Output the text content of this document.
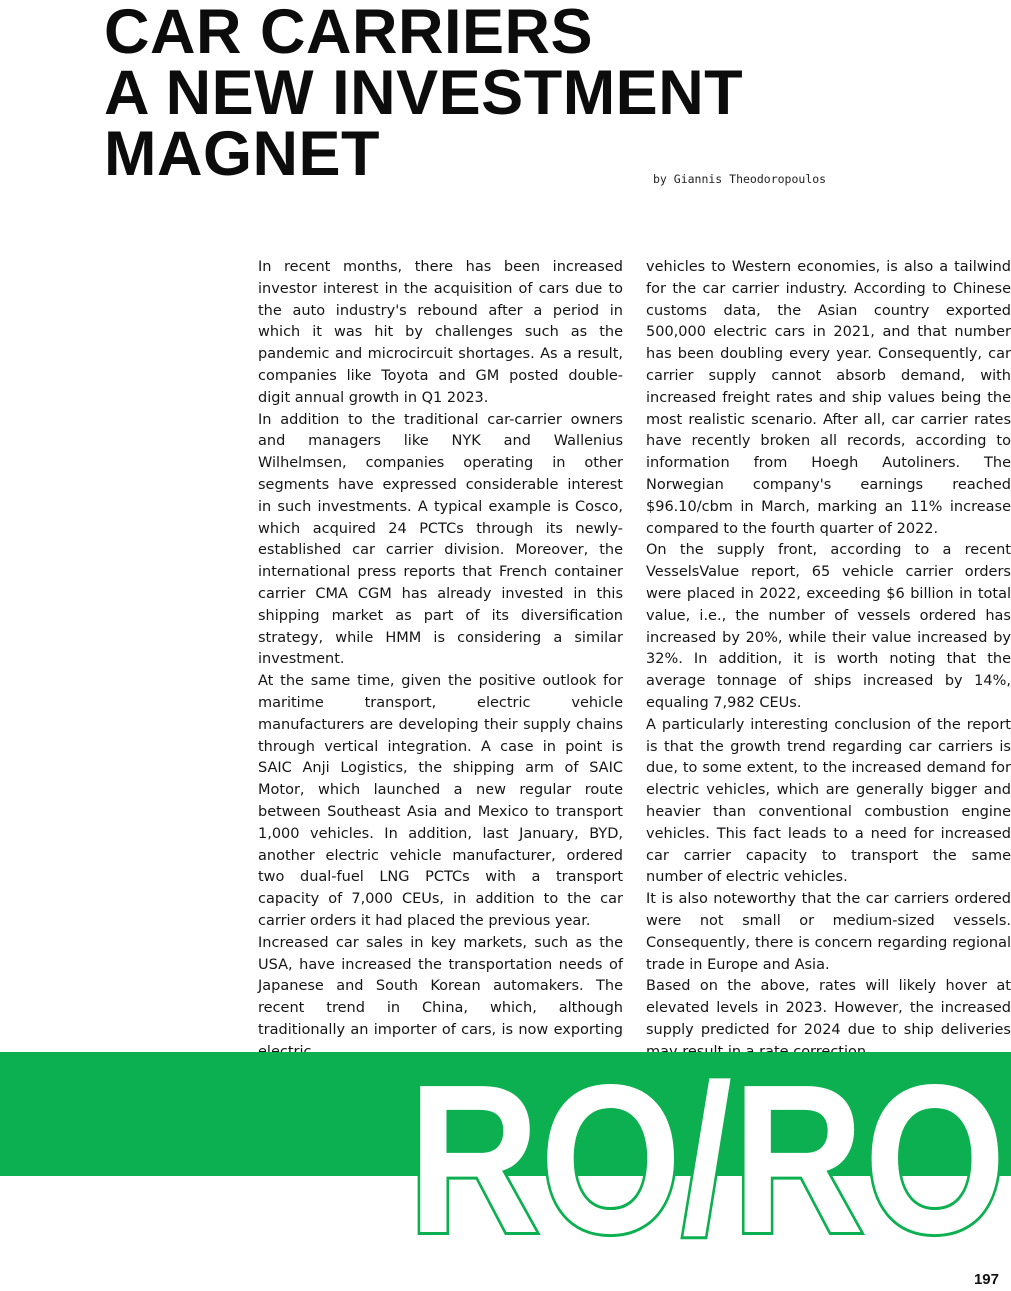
CAR CARRIERS
A NEW INVESTMENT
MAGNET	by Giannis Theodoropoulos

In recent months, there has been increased investor interest in the acquisition of cars due to the auto industry's rebound after a period in which it was hit by challenges such as the pandemic and microcircuit shortages. As a result, companies like Toyota and GM posted double-digit annual growth in Q1 2023.

In addition to the traditional car-carrier owners and managers like NYK and Wallenius Wilhelmsen, companies operating in other segments have expressed considerable interest in such investments. A typical example is Cosco, which acquired 24 PCTCs through its newly-established car carrier division. Moreover, the international press reports that French container carrier CMA CGM has already invested in this shipping market as part of its diversification strategy, while HMM is considering a similar investment.

At the same time, given the positive outlook for maritime transport, electric vehicle manufacturers are developing their supply chains through vertical integration. A case in point is SAIC Anji Logistics, the shipping arm of SAIC Motor, which launched a new regular route between Southeast Asia and Mexico to transport 1,000 vehicles. In addition, last January, BYD, another electric vehicle manufacturer, ordered two dual-fuel LNG PCTCs with a transport capacity of 7,000 CEUs, in addition to the car carrier orders it had placed the previous year.

Increased car sales in key markets, such as the USA, have increased the transportation needs of Japanese and South Korean automakers. The recent trend in China, which, although traditionally an importer of cars, is now exporting

vehicles to Western economies, is also a tailwind for the car carrier industry. According to Chinese customs data, the Asian country exported 500,000 electric cars in 2021, and that number has been doubling every year. Consequently, car carrier supply cannot absorb demand, with increased freight rates and ship values being the most realistic scenario. After all, car carrier rates have recently broken all records, according to information from Hoegh Autoliners. The Norwegian company's earnings reached $96.10/cbm in March, marking an 11% increase compared to the fourth quarter of 2022.

On the supply front, according to a recent VesselsValue report, 65 vehicle carrier orders were placed in 2022, exceeding $6 billion in total value, i.e., the number of vessels ordered has increased by 20%, while their value increased by 32%. In addition, it is worth noting that the average tonnage of ships increased by 14%, equaling 7,982 CEUs.

A particularly interesting conclusion of the report is that the growth trend regarding car carriers is due, to some extent, to the increased demand for electric vehicles, which are generally bigger and heavier than conventional combustion engine vehicles. This fact leads to a need for increased car carrier capacity to transport the same number of electric vehicles.

It is also noteworthy that the car carriers ordered were not small or medium-sized vessels. Consequently, there is concern regarding regional trade in Europe and Asia.

Based on the above, rates will likely hover at elevated levels in 2023. However, the increased supply predicted for 2024 due to ship deliveries

RO/RO
197
